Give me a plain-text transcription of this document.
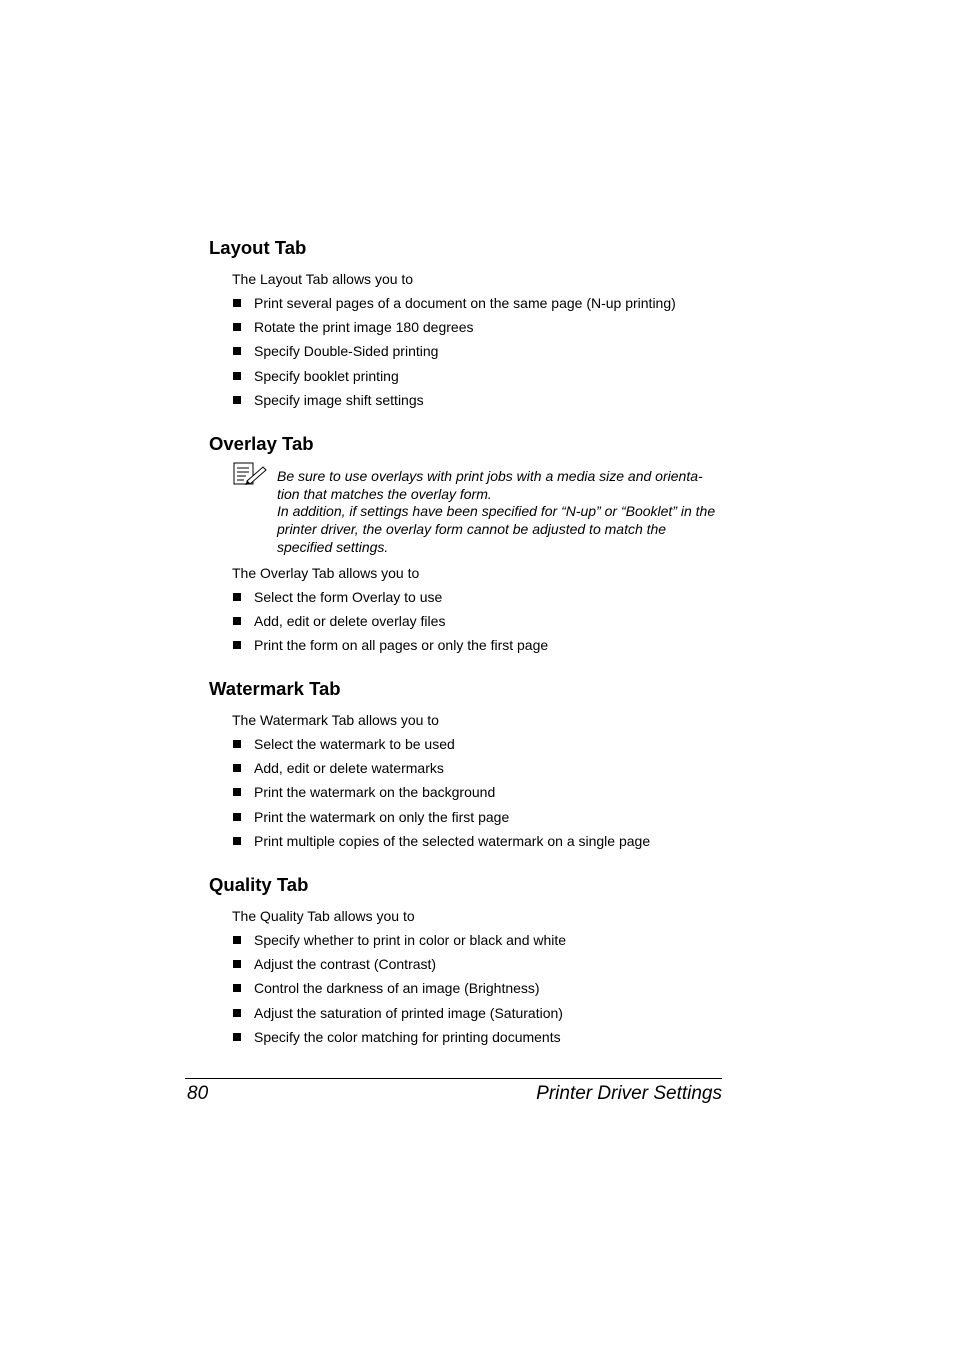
Layout Tab

The Layout Tab allows you to

Print several pages of a document on the same page (N-up printing)
Rotate the print image 180 degrees
Specify Double-Sided printing
Specify booklet printing
Specify image shift settings
Overlay Tab

Be sure to use overlays with print jobs with a media size and orienta-tion that matches the overlay form.

In addition, if settings have been specified for “N-up” or “Booklet” in the printer driver, the overlay form cannot be adjusted to match the specified settings.

The Overlay Tab allows you to

Select the form Overlay to use
Add, edit or delete overlay files
Print the form on all pages or only the first page
Watermark Tab

The Watermark Tab allows you to

Select the watermark to be used
Add, edit or delete watermarks
Print the watermark on the background
Print the watermark on only the first page
Print multiple copies of the selected watermark on a single page
Quality Tab

The Quality Tab allows you to

Specify whether to print in color or black and white
Adjust the contrast (Contrast)
Control the darkness of an image (Brightness)
Adjust the saturation of printed image (Saturation)
Specify the color matching for printing documents
80	Printer Driver Settings
